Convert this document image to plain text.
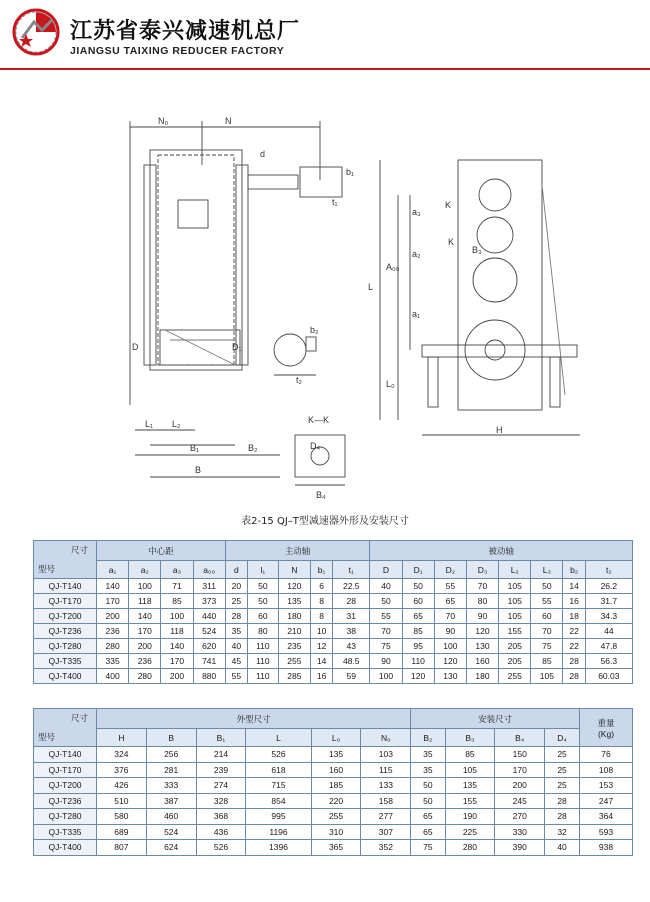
江苏省泰兴减速机总厂
JIANGSU TAIXING REDUCER FACTORY
N₀	N
d
b₁
t₁
L₁ L₂
B₁	B₂
B
D	D₁
b₂
t₂
K—K
D₄
B₄
H
L
A₀₀
a₃
a₂
a₁
L₀
K
K
B₃
表2-15 QJ–T型减速器外形及安装尺寸
尺寸
型号	中心距				主动轴					被动轴							
	a₁	a₂	a₃	a₀₀	d	l₁	N	b₁	t₁	D	D₁	D₂	D₃	L₂	L₃	b₂	t₂
QJ-T140	140	100	71	311	20	50	120	6	22.5	40	50	55	70	105	50	14	26.2
QJ-T170	170	118	85	373	25	50	135	8	28	50	60	65	80	105	55	16	31.7
QJ-T200	200	140	100	440	28	60	180	8	31	55	65	70	90	105	60	18	34.3
QJ-T236	236	170	118	524	35	80	210	10	38	70	85	90	120	155	70	22	44
QJ-T280	280	200	140	620	40	110	235	12	43	75	95	100	130	205	75	22	47.8
QJ-T335	335	236	170	741	45	110	255	14	48.5	90	110	120	160	205	85	28	56.3
QJ-T400	400	280	200	880	55	110	285	16	59	100	120	130	180	255	105	28	60.03
尺寸
型号	外型尺寸						安装尺寸				重量
(Kg)
	H	B	B₁	L	L₀	N₀	B₂	B₃	B₄	D₄	
QJ-T140	324	256	214	526	135	103	35	85	150	25	76
QJ-T170	376	281	239	618	160	115	35	105	170	25	108
QJ-T200	426	333	274	715	185	133	50	135	200	25	153
QJ-T236	510	387	328	854	220	158	50	155	245	28	247
QJ-T280	580	460	368	995	255	277	65	190	270	28	364
QJ-T335	689	524	436	1196	310	307	65	225	330	32	593
QJ-T400	807	624	526	1396	365	352	75	280	390	40	938
